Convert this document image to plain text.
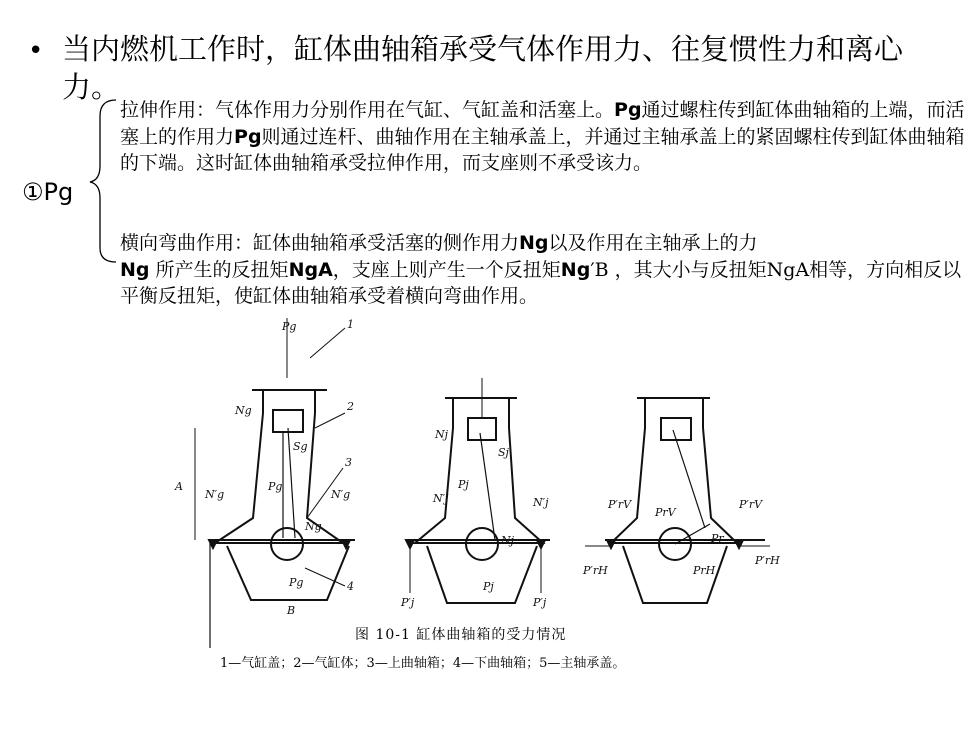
• 当内燃机工作时，缸体曲轴箱承受气体作用力、往复惯性力和离心力。
①Pg
拉伸作用：气体作用力分别作用在气缸、气缸盖和活塞上。Pg通过螺柱传到缸体曲轴箱的上端，而活塞上的作用力Pg则通过连杆、曲轴作用在主轴承盖上，并通过主轴承盖上的紧固螺柱传到缸体曲轴箱的下端。这时缸体曲轴箱承受拉伸作用，而支座则不承受该力。
横向弯曲作用：缸体曲轴箱承受活塞的侧作用力Ng以及作用在主轴承上的力
Ng 所产生的反扭矩NgA，支座上则产生一个反扭矩Ng′B ，其大小与反扭矩NgA相等，方向相反以平衡反扭矩，使缸体曲轴箱承受着横向弯曲作用。
Pg	1
2
3
4
B
Ng
Sg
N′g	N′g
Pg
Ng
Pg
A
Nj
Sj
N′j	N′j
Pj
Nj
Pj
P′j	P′j
P′rV	P′rV
PrV
Pr
PrH
P′rH
P′rH
图 10-1 缸体曲轴箱的受力情况
1—气缸盖；2—气缸体；3—上曲轴箱；4—下曲轴箱；5—主轴承盖。
